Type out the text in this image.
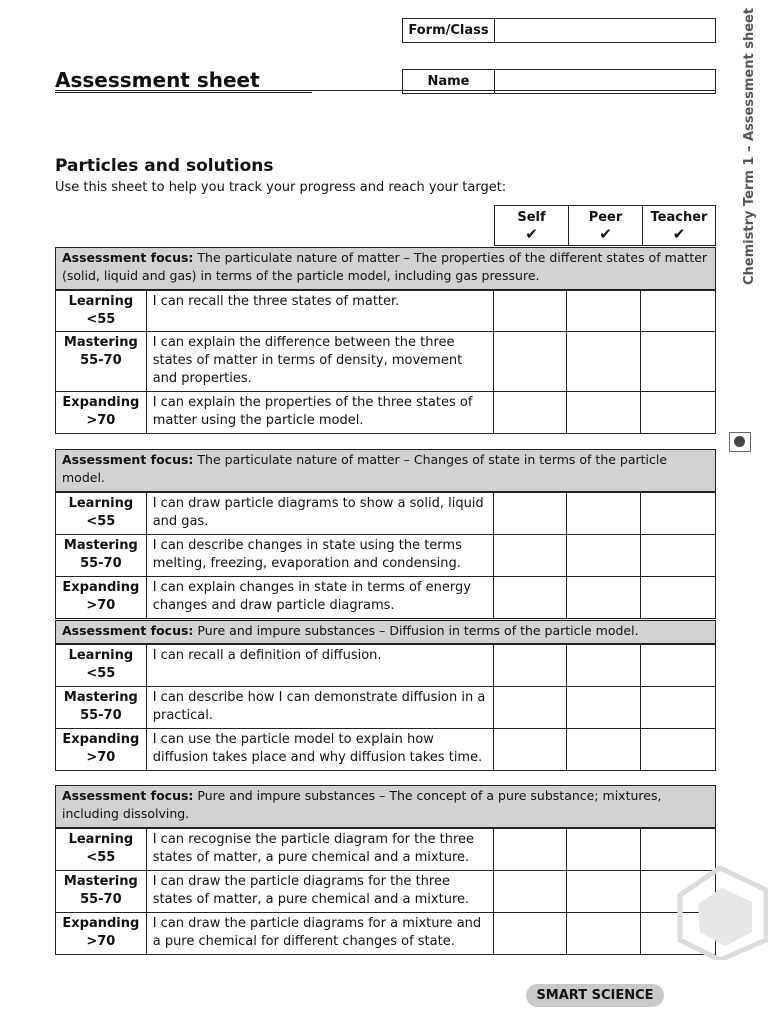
Form/Class
Name
Assessment sheet
Particles and solutions
Use this sheet to help you track your progress and reach your target:
Self
✔
Peer
✔
Teacher
✔
Assessment focus: The particulate nature of matter – The properties of the different states of matter (solid, liquid and gas) in terms of the particle model, including gas pressure.
Learning
<55
I can recall the three states of matter.
Mastering
55-70
I can explain the difference between the three states of matter in terms of density, movement and properties.
Expanding
>70
I can explain the properties of the three states of matter using the particle model.
Assessment focus: The particulate nature of matter – Changes of state in terms of the particle model.
Learning
<55
I can draw particle diagrams to show a solid, liquid and gas.
Mastering
55-70
I can describe changes in state using the terms melting, freezing, evaporation and condensing.
Expanding
>70
I can explain changes in state in terms of energy changes and draw particle diagrams.
Assessment focus: Pure and impure substances – Diffusion in terms of the particle model.
Learning
<55
I can recall a definition of diffusion.
Mastering
55-70
I can describe how I can demonstrate diffusion in a practical.
Expanding
>70
I can use the particle model to explain how diffusion takes place and why diffusion takes time.
Assessment focus: Pure and impure substances – The concept of a pure substance; mixtures, including dissolving.
Learning
<55
I can recognise the particle diagram for the three states of matter, a pure chemical and a mixture.
Mastering
55-70
I can draw the particle diagrams for the three states of matter, a pure chemical and a mixture.
Expanding
>70
I can draw the particle diagrams for a mixture and a pure chemical for different changes of state.
Chemistry Term 1 – Assessment sheet
SMART SCIENCE
